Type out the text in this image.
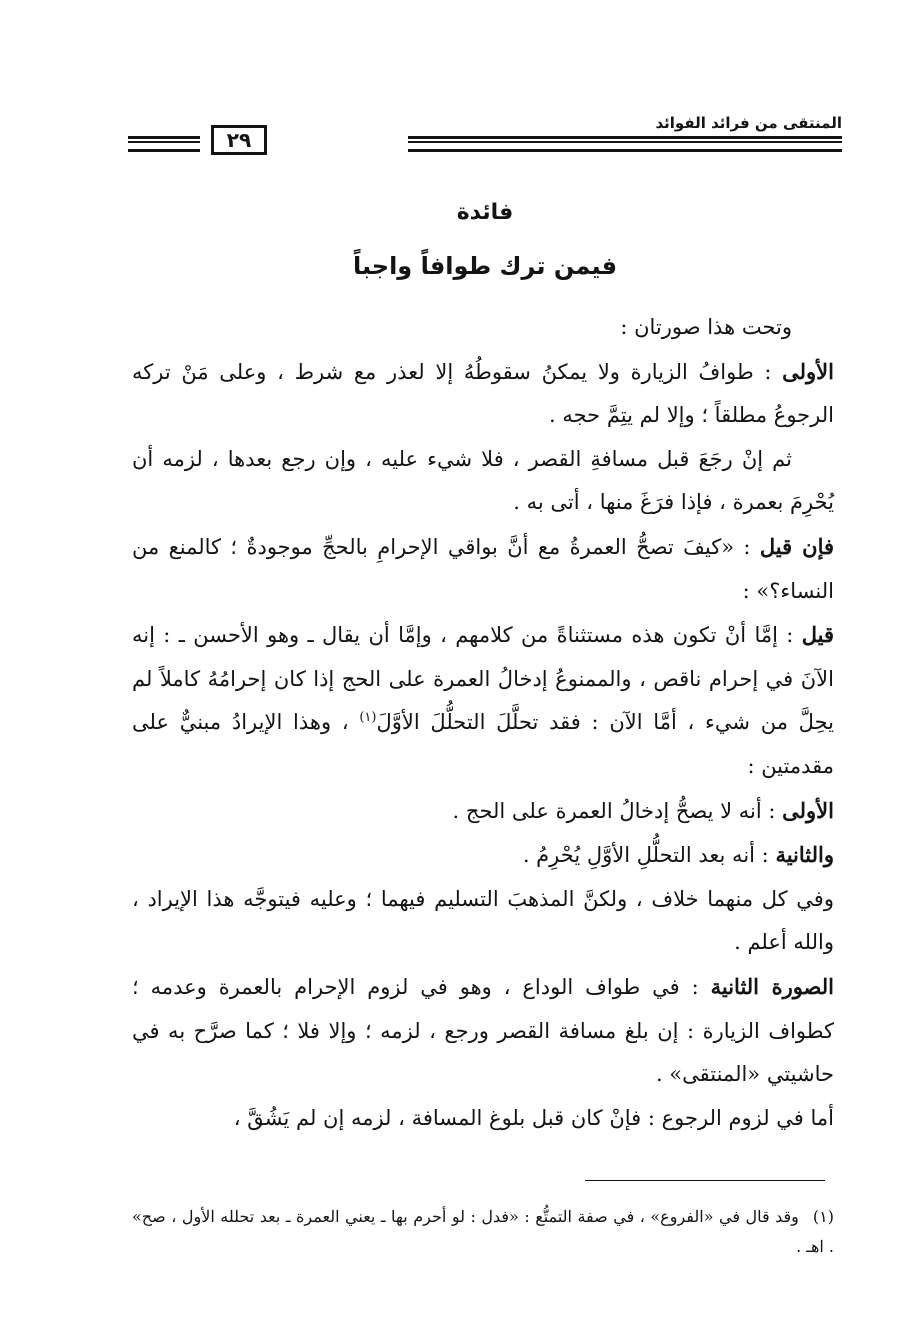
المنتقى من فرائد الفوائد
٢٩
فائدة
فيمن ترك طوافاً واجباً

وتحت هذا صورتان :

الأولى : طوافُ الزيارة ولا يمكنُ سقوطُهُ إلا لعذر مع شرط ، وعلى مَنْ تركه الرجوعُ مطلقاً ؛ وإلا لم يتِمَّ حجه .

ثم إنْ رجَعَ قبل مسافةِ القصر ، فلا شيء عليه ، وإن رجع بعدها ، لزمه أن يُحْرِمَ بعمرة ، فإذا فرَغَ منها ، أتى به .

فإن قيل : «كيفَ تصحُّ العمرةُ مع أنَّ بواقي الإحرامِ بالحجِّ موجودةٌ ؛ كالمنع من النساء؟» :

قيل : إمَّا أنْ تكون هذه مستثناةً من كلامهم ، وإمَّا أن يقال ـ وهو الأحسن ـ : إنه الآنَ في إحرام ناقص ، والممنوعُ إدخالُ العمرة على الحج إذا كان إحرامُهُ كاملاً لم يحِلَّ من شيء ، أمَّا الآن : فقد تحلَّلَ التحلُّلَ الأوَّلَ$^{(١)}$ ، وهذا الإيرادُ مبنيٌّ على مقدمتين :

الأولى : أنه لا يصحُّ إدخالُ العمرة على الحج .

والثانية : أنه بعد التحلُّلِ الأوَّلِ يُحْرِمُ .

وفي كل منهما خلاف ، ولكنَّ المذهبَ التسليم فيهما ؛ وعليه فيتوجَّه هذا الإيراد ، والله أعلم .

الصورة الثانية : في طواف الوداع ، وهو في لزوم الإحرام بالعمرة وعدمه ؛ كطواف الزيارة : إن بلغ مسافة القصر ورجع ، لزمه ؛ وإلا فلا ؛ كما صرَّح به في حاشيتي «المنتقى» .

أما في لزوم الرجوع : فإنْ كان قبل بلوغ المسافة ، لزمه إن لم يَشُقَّ ،

(١)وقد قال في «الفروع» ، في صفة التمتُّع : «فدل : لو أحرم بها ـ يعني العمرة ـ بعد تحلله الأول ، صح» . اهـ .
